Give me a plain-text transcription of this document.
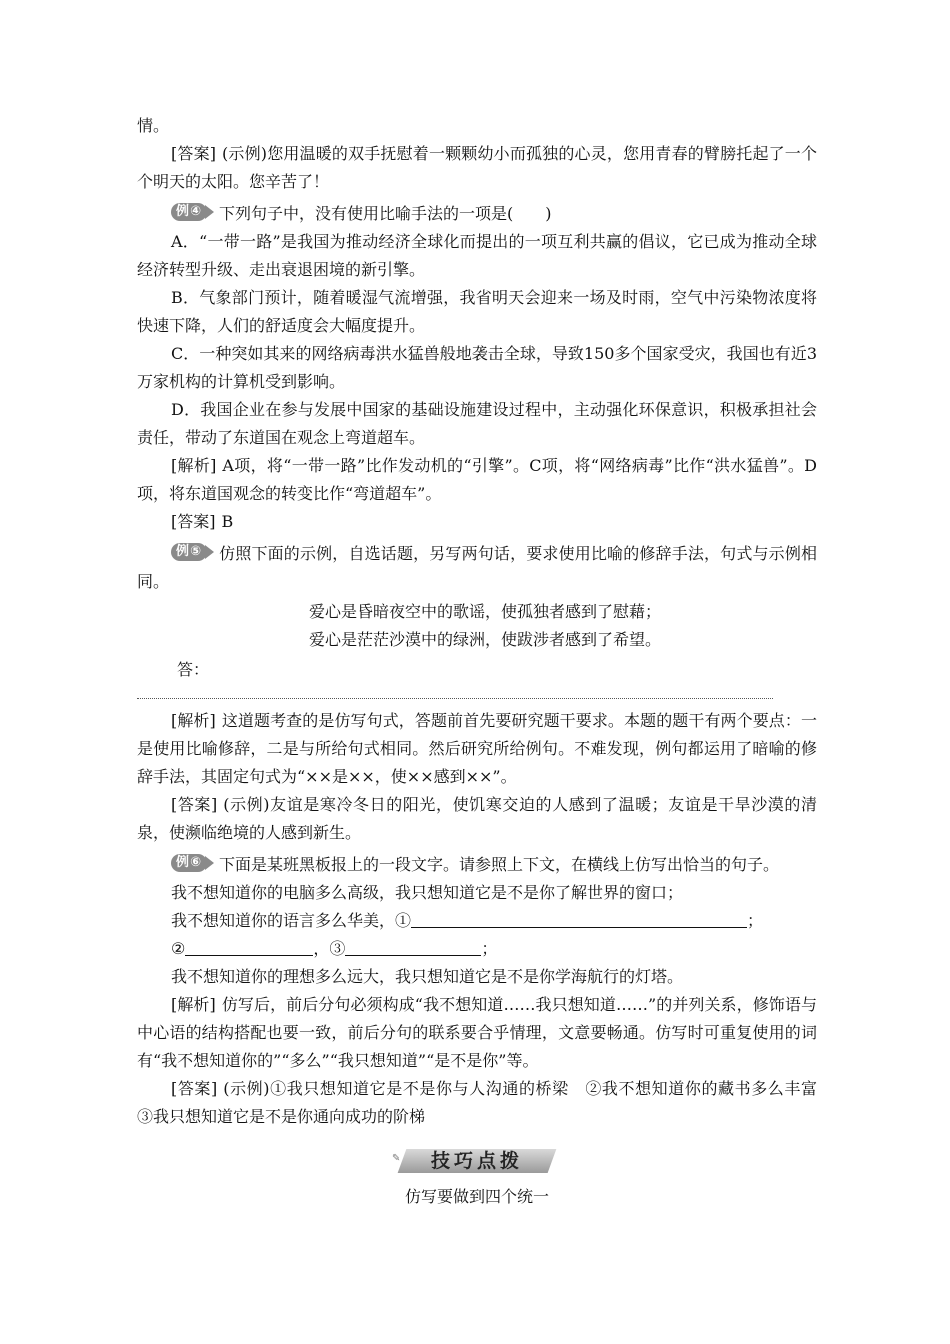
情。

[答案] (示例)您用温暖的双手抚慰着一颗颗幼小而孤独的心灵，您用青春的臂膀托起了一个个明天的太阳。您辛苦了！

例④	下列句子中，没有使用比喻手法的一项是(　　)

A．“一带一路”是我国为推动经济全球化而提出的一项互利共赢的倡议，它已成为推动全球经济转型升级、走出衰退困境的新引擎。

B．气象部门预计，随着暖湿气流增强，我省明天会迎来一场及时雨，空气中污染物浓度将快速下降，人们的舒适度会大幅度提升。

C．一种突如其来的网络病毒洪水猛兽般地袭击全球，导致150多个国家受灾，我国也有近3万家机构的计算机受到影响。

D．我国企业在参与发展中国家的基础设施建设过程中，主动强化环保意识，积极承担社会责任，带动了东道国在观念上弯道超车。

[解析] A项，将“一带一路”比作发动机的“引擎”。C项，将“网络病毒”比作“洪水猛兽”。D项，将东道国观念的转变比作“弯道超车”。

[答案] B

例⑤	仿照下面的示例，自选话题，另写两句话，要求使用比喻的修辞手法，句式与示例相同。

爱心是昏暗夜空中的歌谣，使孤独者感到了慰藉；

爱心是茫茫沙漠中的绿洲，使跋涉者感到了希望。

答：

[解析] 这道题考查的是仿写句式，答题前首先要研究题干要求。本题的题干有两个要点：一是使用比喻修辞，二是与所给句式相同。然后研究所给例句。不难发现，例句都运用了暗喻的修辞手法，其固定句式为“××是××，使××感到××”。

[答案] (示例)友谊是寒冷冬日的阳光，使饥寒交迫的人感到了温暖；友谊是干旱沙漠的清泉，使濒临绝境的人感到新生。

例⑥	下面是某班黑板报上的一段文字。请参照上下文，在横线上仿写出恰当的句子。

我不想知道你的电脑多么高级，我只想知道它是不是你了解世界的窗口；

我不想知道你的语言多么华美，①	；

②	，③	；

我不想知道你的理想多么远大，我只想知道它是不是你学海航行的灯塔。

[解析] 仿写后，前后分句必须构成“我不想知道……我只想知道……”的并列关系，修饰语与中心语的结构搭配也要一致，前后分句的联系要合乎情理，文意要畅通。仿写时可重复使用的词有“我不想知道你的”“多么”“我只想知道”“是不是你”等。

[答案] (示例)①我只想知道它是不是你与人沟通的桥梁　②我不想知道你的藏书多么丰富　③我只想知道它是不是你通向成功的阶梯

✎	技巧点拨

仿写要做到四个统一
